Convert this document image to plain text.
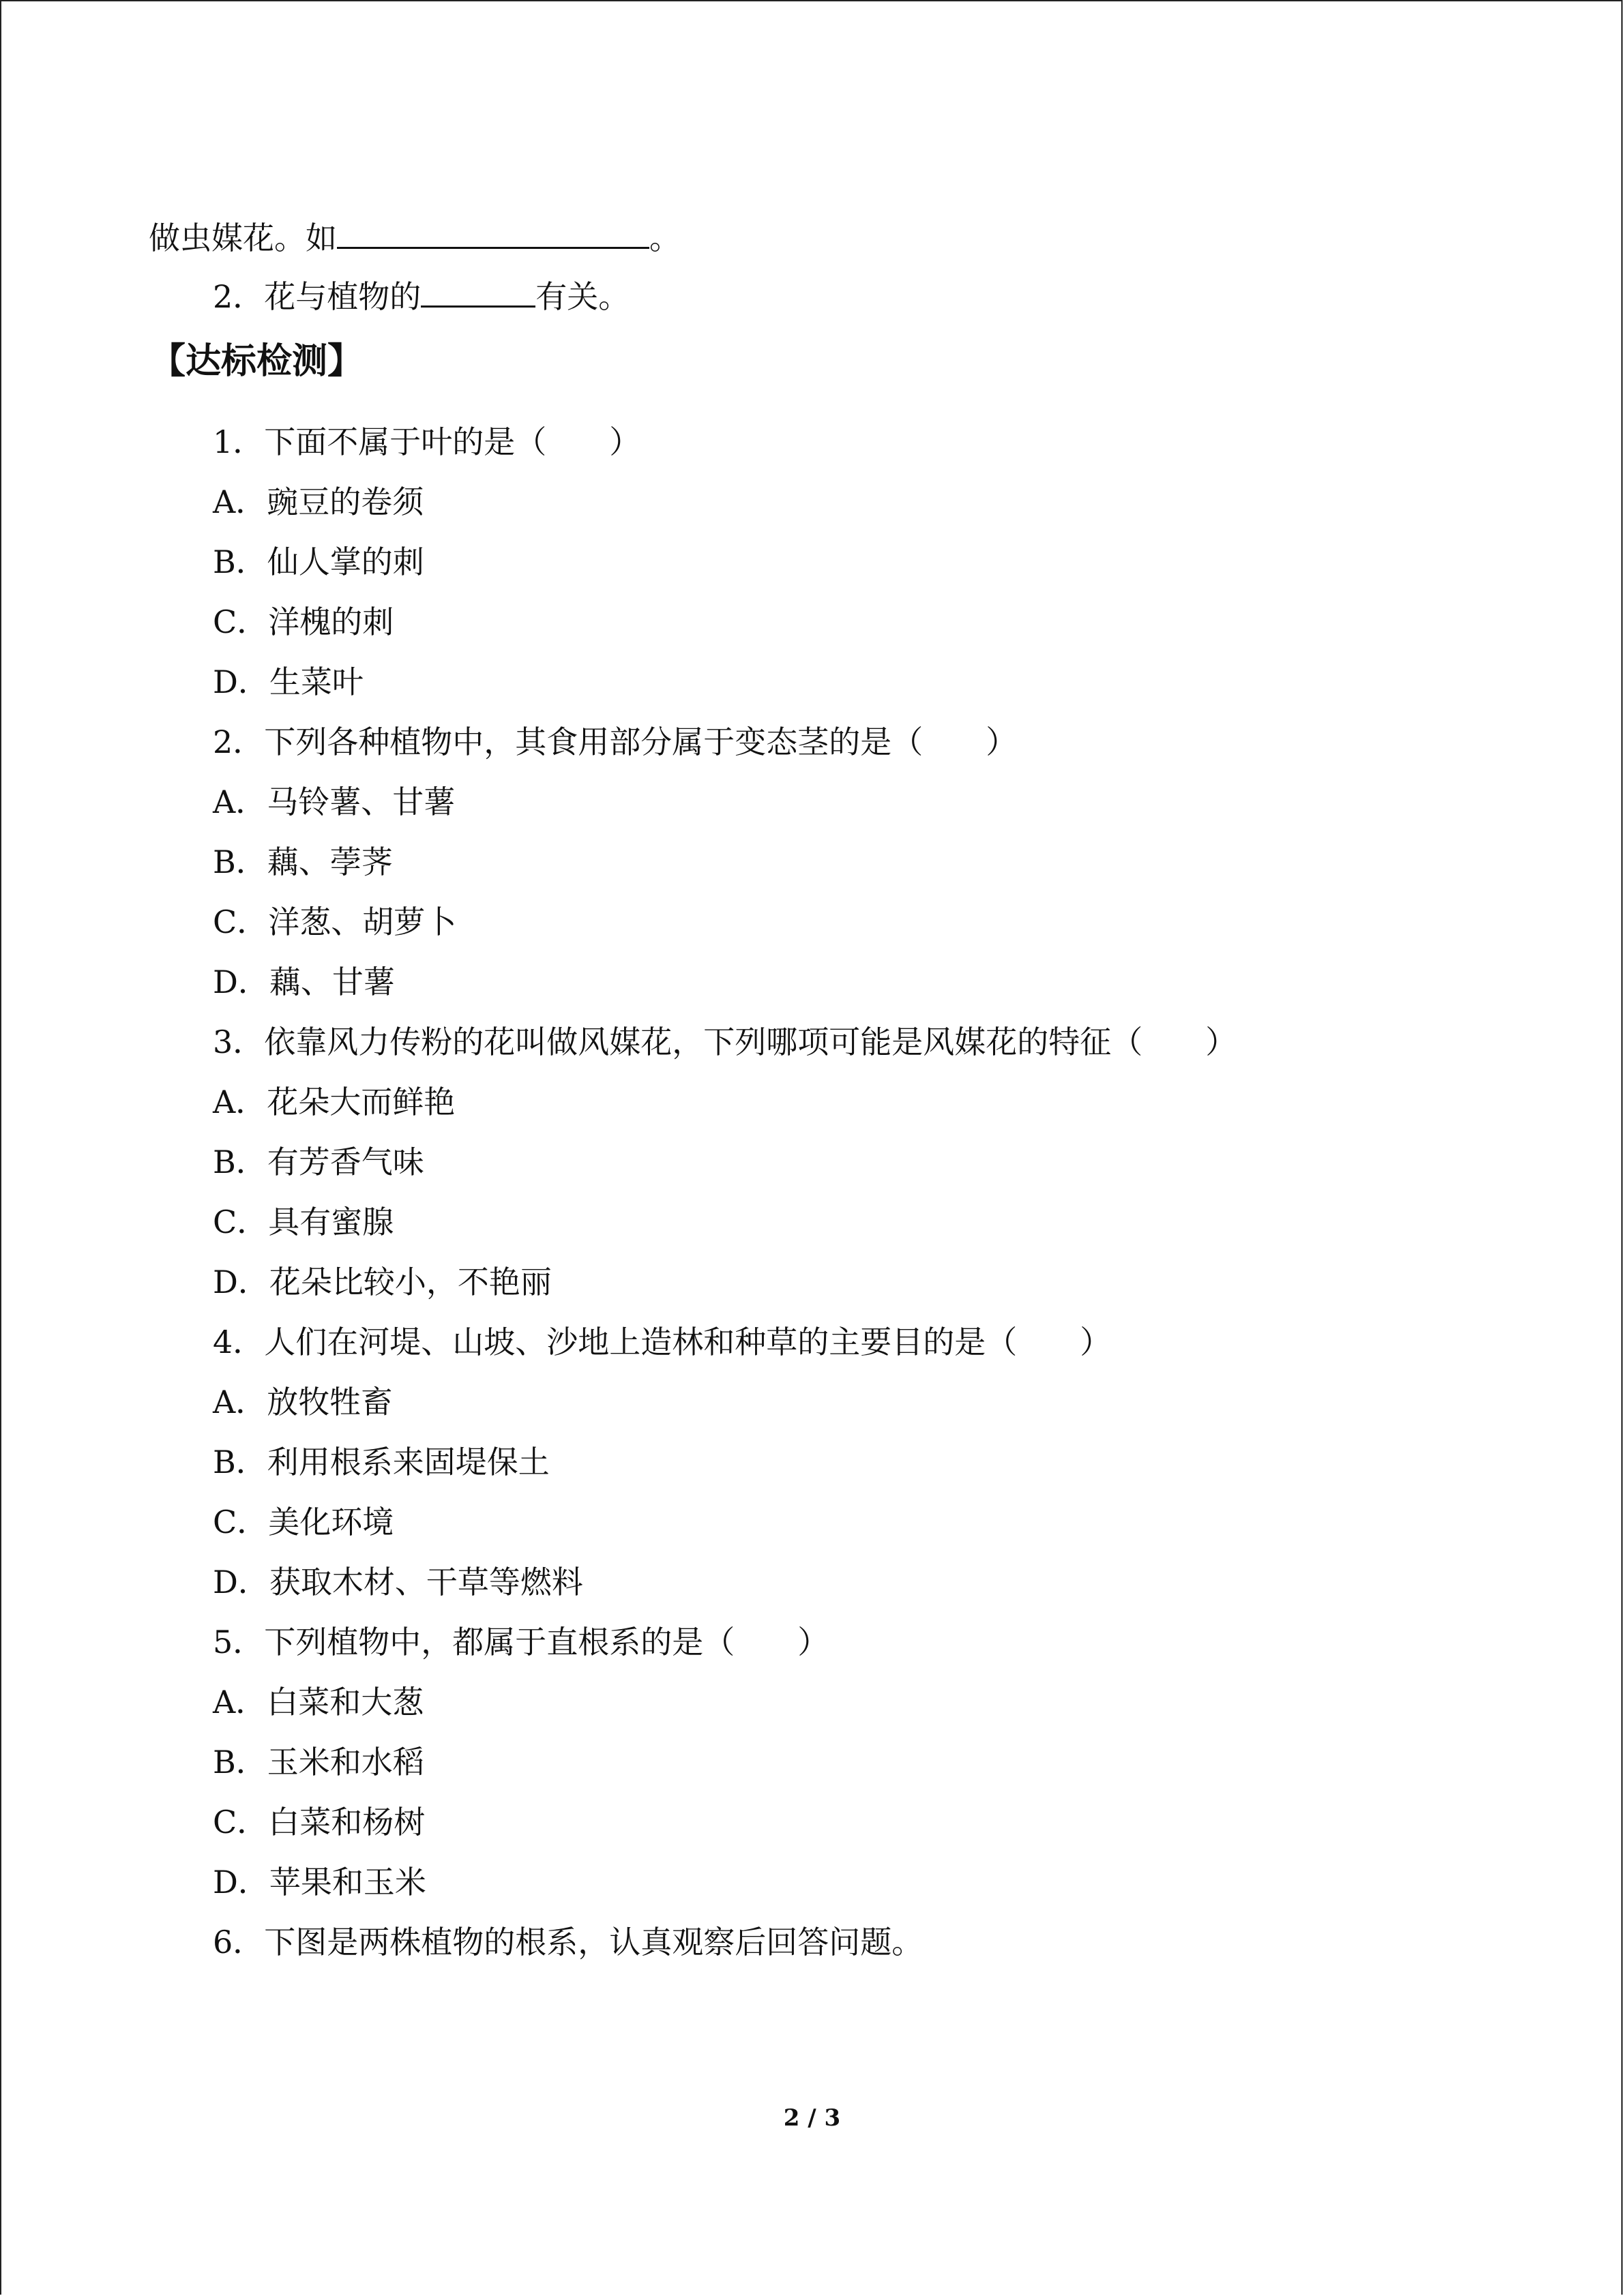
做虫媒花。如	。
2．花与植物的	有关。
【达标检测】
1．下面不属于叶的是（　　）
A．豌豆的卷须
B．仙人掌的刺
C．洋槐的刺
D．生菜叶
2．下列各种植物中，其食用部分属于变态茎的是（　　）
A．马铃薯、甘薯
B．藕、荸荠
C．洋葱、胡萝卜
D．藕、甘薯
3．依靠风力传粉的花叫做风媒花，下列哪项可能是风媒花的特征（　　）
A．花朵大而鲜艳
B．有芳香气味
C．具有蜜腺
D．花朵比较小，不艳丽
4．人们在河堤、山坡、沙地上造林和种草的主要目的是（　　）
A．放牧牲畜
B．利用根系来固堤保土
C．美化环境
D．获取木材、干草等燃料
5．下列植物中，都属于直根系的是（　　）
A．白菜和大葱
B．玉米和水稻
C．白菜和杨树
D．苹果和玉米
6．下图是两株植物的根系，认真观察后回答问题。
2 / 3
